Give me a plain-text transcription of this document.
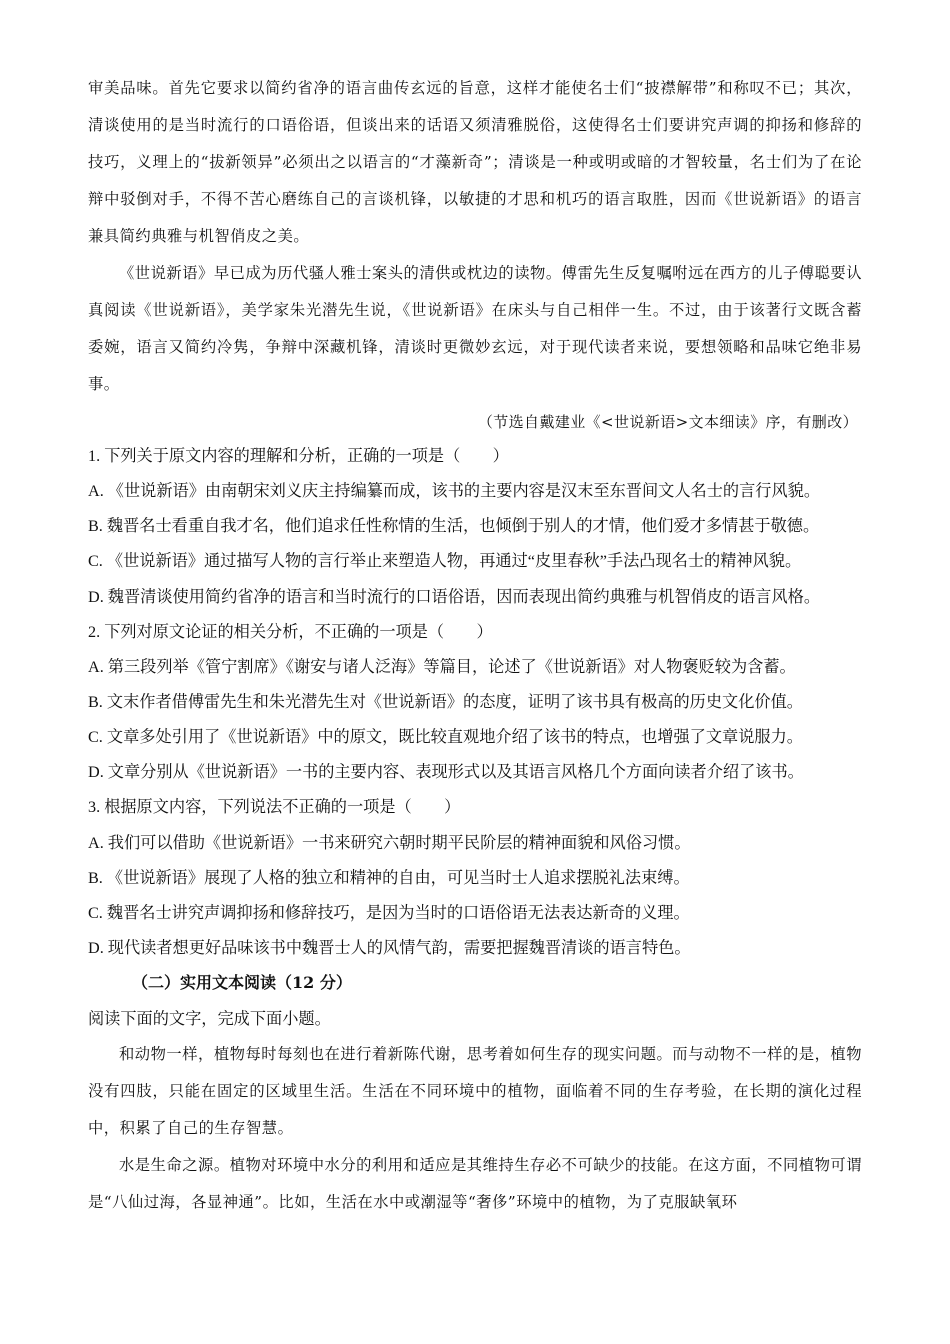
审美品味。首先它要求以简约省净的语言曲传玄远的旨意，这样才能使名士们“披襟解带”和称叹不已；其次，清谈使用的是当时流行的口语俗语，但谈出来的话语又须清雅脱俗，这使得名士们要讲究声调的抑扬和修辞的技巧，义理上的“拔新领异”必须出之以语言的“才藻新奇”；清谈是一种或明或暗的才智较量，名士们为了在论辩中驳倒对手，不得不苦心磨练自己的言谈机锋，以敏捷的才思和机巧的语言取胜，因而《世说新语》的语言兼具简约典雅与机智俏皮之美。
《世说新语》早已成为历代骚人雅士案头的清供或枕边的读物。傅雷先生反复嘱咐远在西方的儿子傅聪要认真阅读《世说新语》，美学家朱光潜先生说，《世说新语》在床头与自己相伴一生。不过，由于该著行文既含蓄委婉，语言又简约冷隽，争辩中深藏机锋，清谈时更微妙玄远，对于现代读者来说，要想领略和品味它绝非易事。
（节选自戴建业《<世说新语>文本细读》序，有删改）
1. 下列关于原文内容的理解和分析，正确的一项是（　　）
A. 《世说新语》由南朝宋刘义庆主持编纂而成，该书的主要内容是汉末至东晋间文人名士的言行风貌。
B. 魏晋名士看重自我才名，他们追求任性称情的生活，也倾倒于别人的才情，他们爱才多情甚于敬德。
C. 《世说新语》通过描写人物的言行举止来塑造人物，再通过“皮里春秋”手法凸现名士的精神风貌。
D. 魏晋清谈使用简约省净的语言和当时流行的口语俗语，因而表现出简约典雅与机智俏皮的语言风格。
2. 下列对原文论证的相关分析，不正确的一项是（　　）
A. 第三段列举《管宁割席》《谢安与诸人泛海》等篇目，论述了《世说新语》对人物褒贬较为含蓄。
B. 文末作者借傅雷先生和朱光潜先生对《世说新语》的态度，证明了该书具有极高的历史文化价值。
C. 文章多处引用了《世说新语》中的原文，既比较直观地介绍了该书的特点，也增强了文章说服力。
D. 文章分别从《世说新语》一书的主要内容、表现形式以及其语言风格几个方面向读者介绍了该书。
3. 根据原文内容，下列说法不正确的一项是（　　）
A. 我们可以借助《世说新语》一书来研究六朝时期平民阶层的精神面貌和风俗习惯。
B. 《世说新语》展现了人格的独立和精神的自由，可见当时士人追求摆脱礼法束缚。
C. 魏晋名士讲究声调抑扬和修辞技巧，是因为当时的口语俗语无法表达新奇的义理。
D. 现代读者想更好品味该书中魏晋士人的风情气韵，需要把握魏晋清谈的语言特色。
（二）实用文本阅读（12 分）
阅读下面的文字，完成下面小题。
和动物一样，植物每时每刻也在进行着新陈代谢，思考着如何生存的现实问题。而与动物不一样的是，植物没有四肢，只能在固定的区域里生活。生活在不同环境中的植物，面临着不同的生存考验，在长期的演化过程中，积累了自己的生存智慧。
水是生命之源。植物对环境中水分的利用和适应是其维持生存必不可缺少的技能。在这方面，不同植物可谓是“八仙过海，各显神通”。比如，生活在水中或潮湿等“奢侈”环境中的植物，为了克服缺氧环
